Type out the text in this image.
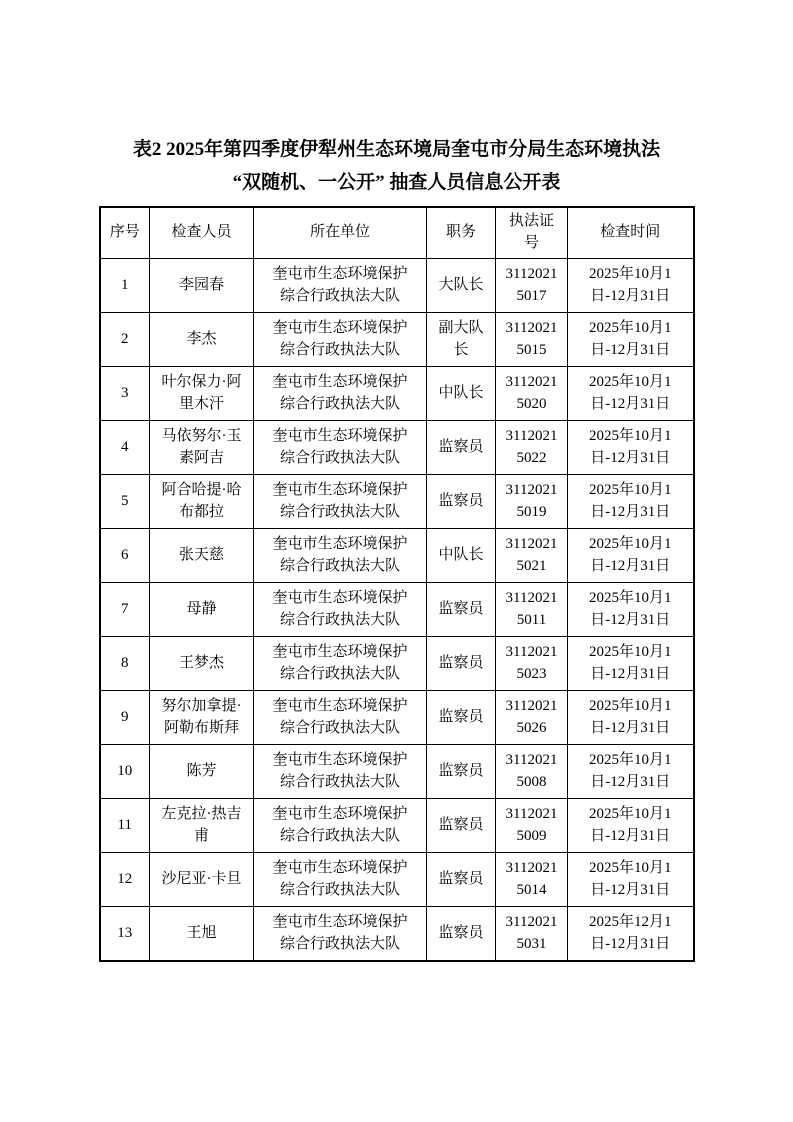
表2 2025年第四季度伊犁州生态环境局奎屯市分局生态环境执法
“双随机、一公开” 抽查人员信息公开表
序号	检查人员	所在单位	职务	执法证号	检查时间
1	李园春	奎屯市生态环境保护综合行政执法大队	大队长	31120215017	2025年10月1日-12月31日
2	李杰	奎屯市生态环境保护综合行政执法大队	副大队长	31120215015	2025年10月1日-12月31日
3	叶尔保力·阿里木汗	奎屯市生态环境保护综合行政执法大队	中队长	31120215020	2025年10月1日-12月31日
4	马依努尔·玉素阿吉	奎屯市生态环境保护综合行政执法大队	监察员	31120215022	2025年10月1日-12月31日
5	阿合哈提·哈布都拉	奎屯市生态环境保护综合行政执法大队	监察员	31120215019	2025年10月1日-12月31日
6	张天慈	奎屯市生态环境保护综合行政执法大队	中队长	31120215021	2025年10月1日-12月31日
7	母静	奎屯市生态环境保护综合行政执法大队	监察员	31120215011	2025年10月1日-12月31日
8	王梦杰	奎屯市生态环境保护综合行政执法大队	监察员	31120215023	2025年10月1日-12月31日
9	努尔加拿提·阿勒布斯拜	奎屯市生态环境保护综合行政执法大队	监察员	31120215026	2025年10月1日-12月31日
10	陈芳	奎屯市生态环境保护综合行政执法大队	监察员	31120215008	2025年10月1日-12月31日
11	左克拉·热吉甫	奎屯市生态环境保护综合行政执法大队	监察员	31120215009	2025年10月1日-12月31日
12	沙尼亚·卡旦	奎屯市生态环境保护综合行政执法大队	监察员	31120215014	2025年10月1日-12月31日
13	王旭	奎屯市生态环境保护综合行政执法大队	监察员	31120215031	2025年12月1日-12月31日
